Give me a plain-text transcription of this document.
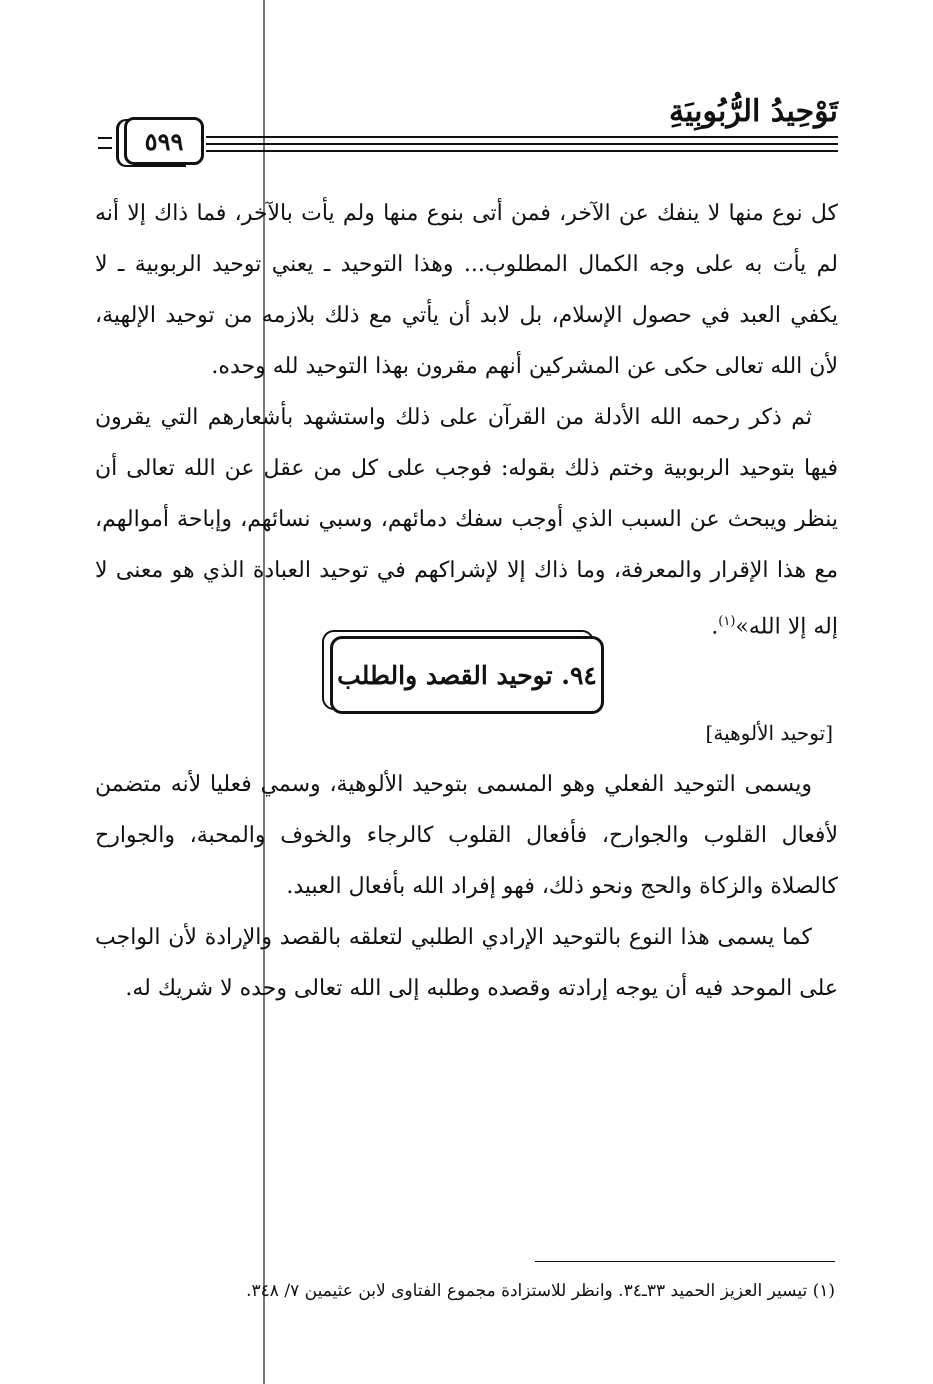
تَوْحِيدُ الرُّبُوبِيَةِ
٥٩٩

كل نوع منها لا ينفك عن الآخر، فمن أتى بنوع منها ولم يأت بالآخر، فما ذاك إلا أنه لم يأت به على وجه الكمال المطلوب... وهذا التوحيد ـ يعني توحيد الربوبية ـ لا يكفي العبد في حصول الإسلام، بل لابد أن يأتي مع ذلك بلازمه من توحيد الإلهية، لأن الله تعالى حكى عن المشركين أنهم مقرون بهذا التوحيد لله وحده.

ثم ذكر رحمه الله الأدلة من القرآن على ذلك واستشهد بأشعارهم التي يقرون فيها بتوحيد الربوبية وختم ذلك بقوله: فوجب على كل من عقل عن الله تعالى أن ينظر ويبحث عن السبب الذي أوجب سفك دمائهم، وسبي نسائهم، وإباحة أموالهم، مع هذا الإقرار والمعرفة، وما ذاك إلا لإشراكهم في توحيد العبادة الذي هو معنى لا إله إلا الله»$^{(١)}$.

٩٤. توحيد القصد والطلب
[توحيد الألوهية]

ويسمى التوحيد الفعلي وهو المسمى بتوحيد الألوهية، وسمي فعليا لأنه متضمن لأفعال القلوب والجوارح، فأفعال القلوب كالرجاء والخوف والمحبة، والجوارح كالصلاة والزكاة والحج ونحو ذلك، فهو إفراد الله بأفعال العبيد.

كما يسمى هذا النوع بالتوحيد الإرادي الطلبي لتعلقه بالقصد والإرادة لأن الواجب على الموحد فيه أن يوجه إرادته وقصده وطلبه إلى الله تعالى وحده لا شريك له.

(١) تيسير العزيز الحميد ٣٣ـ٣٤. وانظر للاستزادة مجموع الفتاوى لابن عثيمين ٧/ ٣٤٨.
